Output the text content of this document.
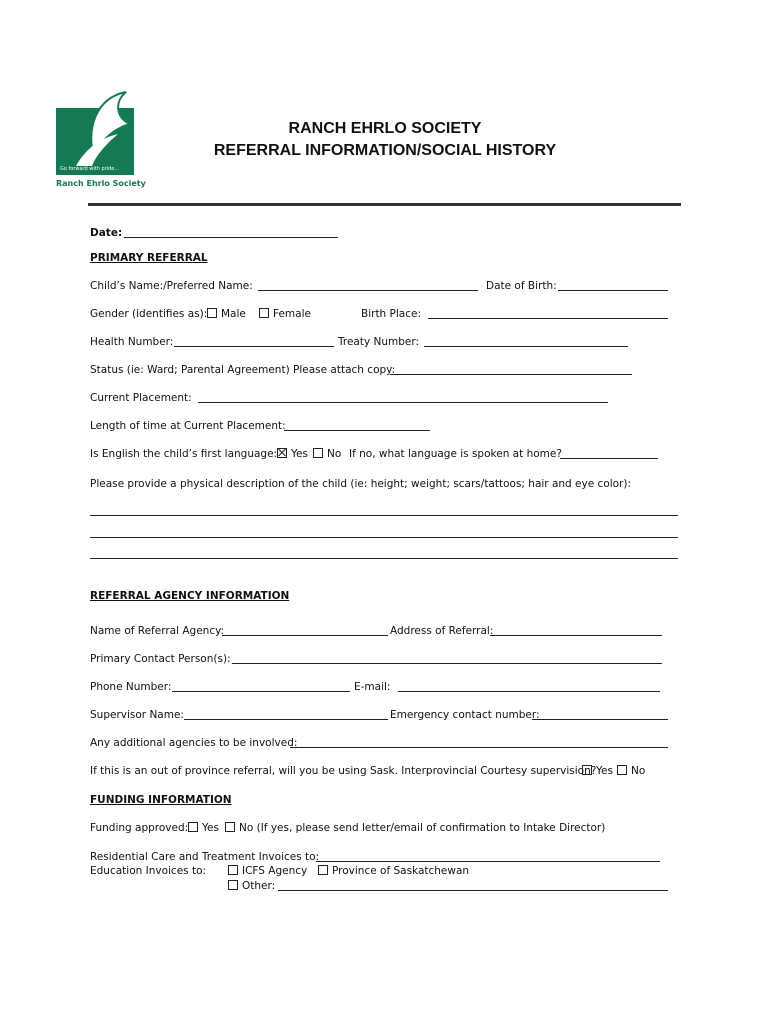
Go forward with pride...
Ranch Ehrlo Society
RANCH EHRLO SOCIETY
REFERRAL INFORMATION/SOCIAL HISTORY
Date:
PRIMARY REFERRAL
Child’s Name:/Preferred Name:	Date of Birth:
Gender (identifies as):	Male	Female	Birth Place:
Health Number:	Treaty Number:
Status (ie: Ward; Parental Agreement) Please attach copy:
Current Placement:
Length of time at Current Placement:
Is English the child’s first language:	Yes	No If no, what language is spoken at home?
Please provide a physical description of the child (ie: height; weight; scars/tattoos; hair and eye color):
REFERRAL AGENCY INFORMATION
Name of Referral Agency:	Address of Referral:
Primary Contact Person(s):
Phone Number:	E-mail:
Supervisor Name:	Emergency contact number:
Any additional agencies to be involved:
If this is an out of province referral, will you be using Sask. Interprovincial Courtesy supervision? Yes	No
FUNDING INFORMATION
Funding approved:	Yes	No (If yes, please send letter/email of confirmation to Intake Director)
Residential Care and Treatment Invoices to:
Education Invoices to:	ICFS Agency	Province of Saskatchewan
Other:
